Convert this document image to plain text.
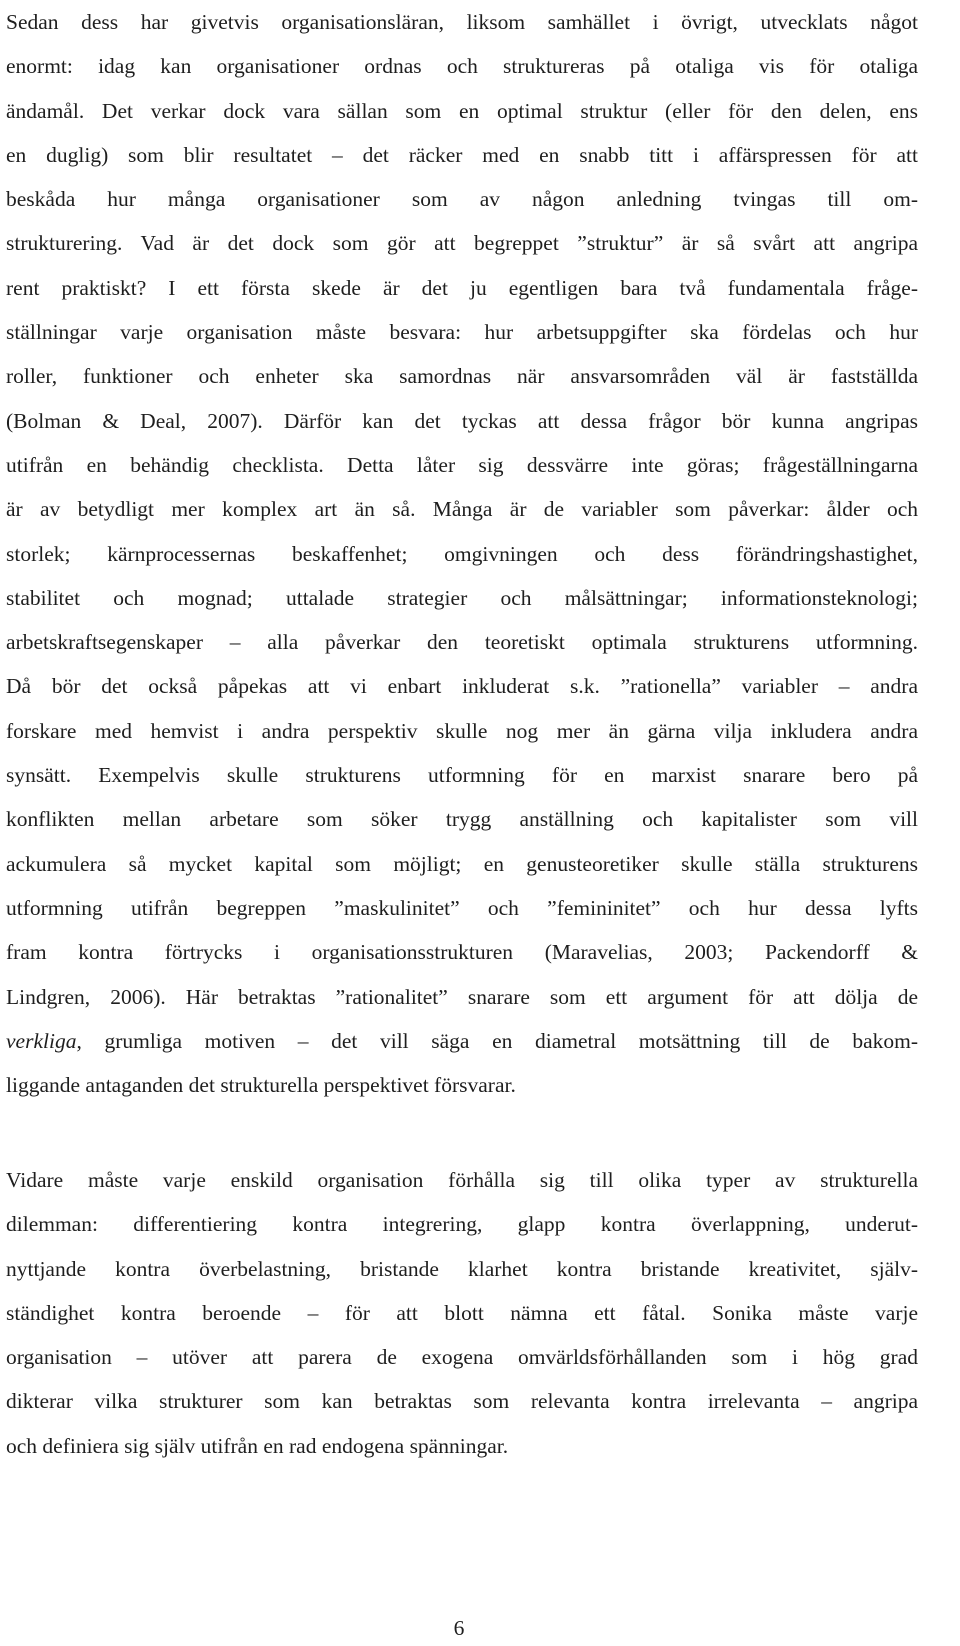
Sedan dess har givetvis organisationsläran, liksom samhället i övrigt, utvecklats något
enormt: idag kan organisationer ordnas och struktureras på otaliga vis för otaliga
ändamål. Det verkar dock vara sällan som en optimal struktur (eller för den delen, ens
en duglig) som blir resultatet – det räcker med en snabb titt i affärspressen för att
beskåda hur många organisationer som av någon anledning tvingas till om-
strukturering. Vad är det dock som gör att begreppet ”struktur” är så svårt att angripa
rent praktiskt? I ett första skede är det ju egentligen bara två fundamentala fråge-
ställningar varje organisation måste besvara: hur arbetsuppgifter ska fördelas och hur
roller, funktioner och enheter ska samordnas när ansvarsområden väl är fastställda
(Bolman & Deal, 2007). Därför kan det tyckas att dessa frågor bör kunna angripas
utifrån en behändig checklista. Detta låter sig dessvärre inte göras; frågeställningarna
är av betydligt mer komplex art än så. Många är de variabler som påverkar: ålder och
storlek; kärnprocessernas beskaffenhet; omgivningen och dess förändringshastighet,
stabilitet och mognad; uttalade strategier och målsättningar; informationsteknologi;
arbetskraftsegenskaper – alla påverkar den teoretiskt optimala strukturens utformning.
Då bör det också påpekas att vi enbart inkluderat s.k. ”rationella” variabler – andra
forskare med hemvist i andra perspektiv skulle nog mer än gärna vilja inkludera andra
synsätt. Exempelvis skulle strukturens utformning för en marxist snarare bero på
konflikten mellan arbetare som söker trygg anställning och kapitalister som vill
ackumulera så mycket kapital som möjligt; en genusteoretiker skulle ställa strukturens
utformning utifrån begreppen ”maskulinitet” och ”femininitet” och hur dessa lyfts
fram kontra förtrycks i organisationsstrukturen (Maravelias, 2003; Packendorff &
Lindgren, 2006). Här betraktas ”rationalitet” snarare som ett argument för att dölja de
verkliga, grumliga motiven – det vill säga en diametral motsättning till de bakom-
liggande antaganden det strukturella perspektivet försvarar.

Vidare måste varje enskild organisation förhålla sig till olika typer av strukturella
dilemman: differentiering kontra integrering, glapp kontra överlappning, underut-
nyttjande kontra överbelastning, bristande klarhet kontra bristande kreativitet, själv-
ständighet kontra beroende – för att blott nämna ett fåtal. Sonika måste varje
organisation – utöver att parera de exogena omvärldsförhållanden som i hög grad
dikterar vilka strukturer som kan betraktas som relevanta kontra irrelevanta – angripa
och definiera sig själv utifrån en rad endogena spänningar.

6
